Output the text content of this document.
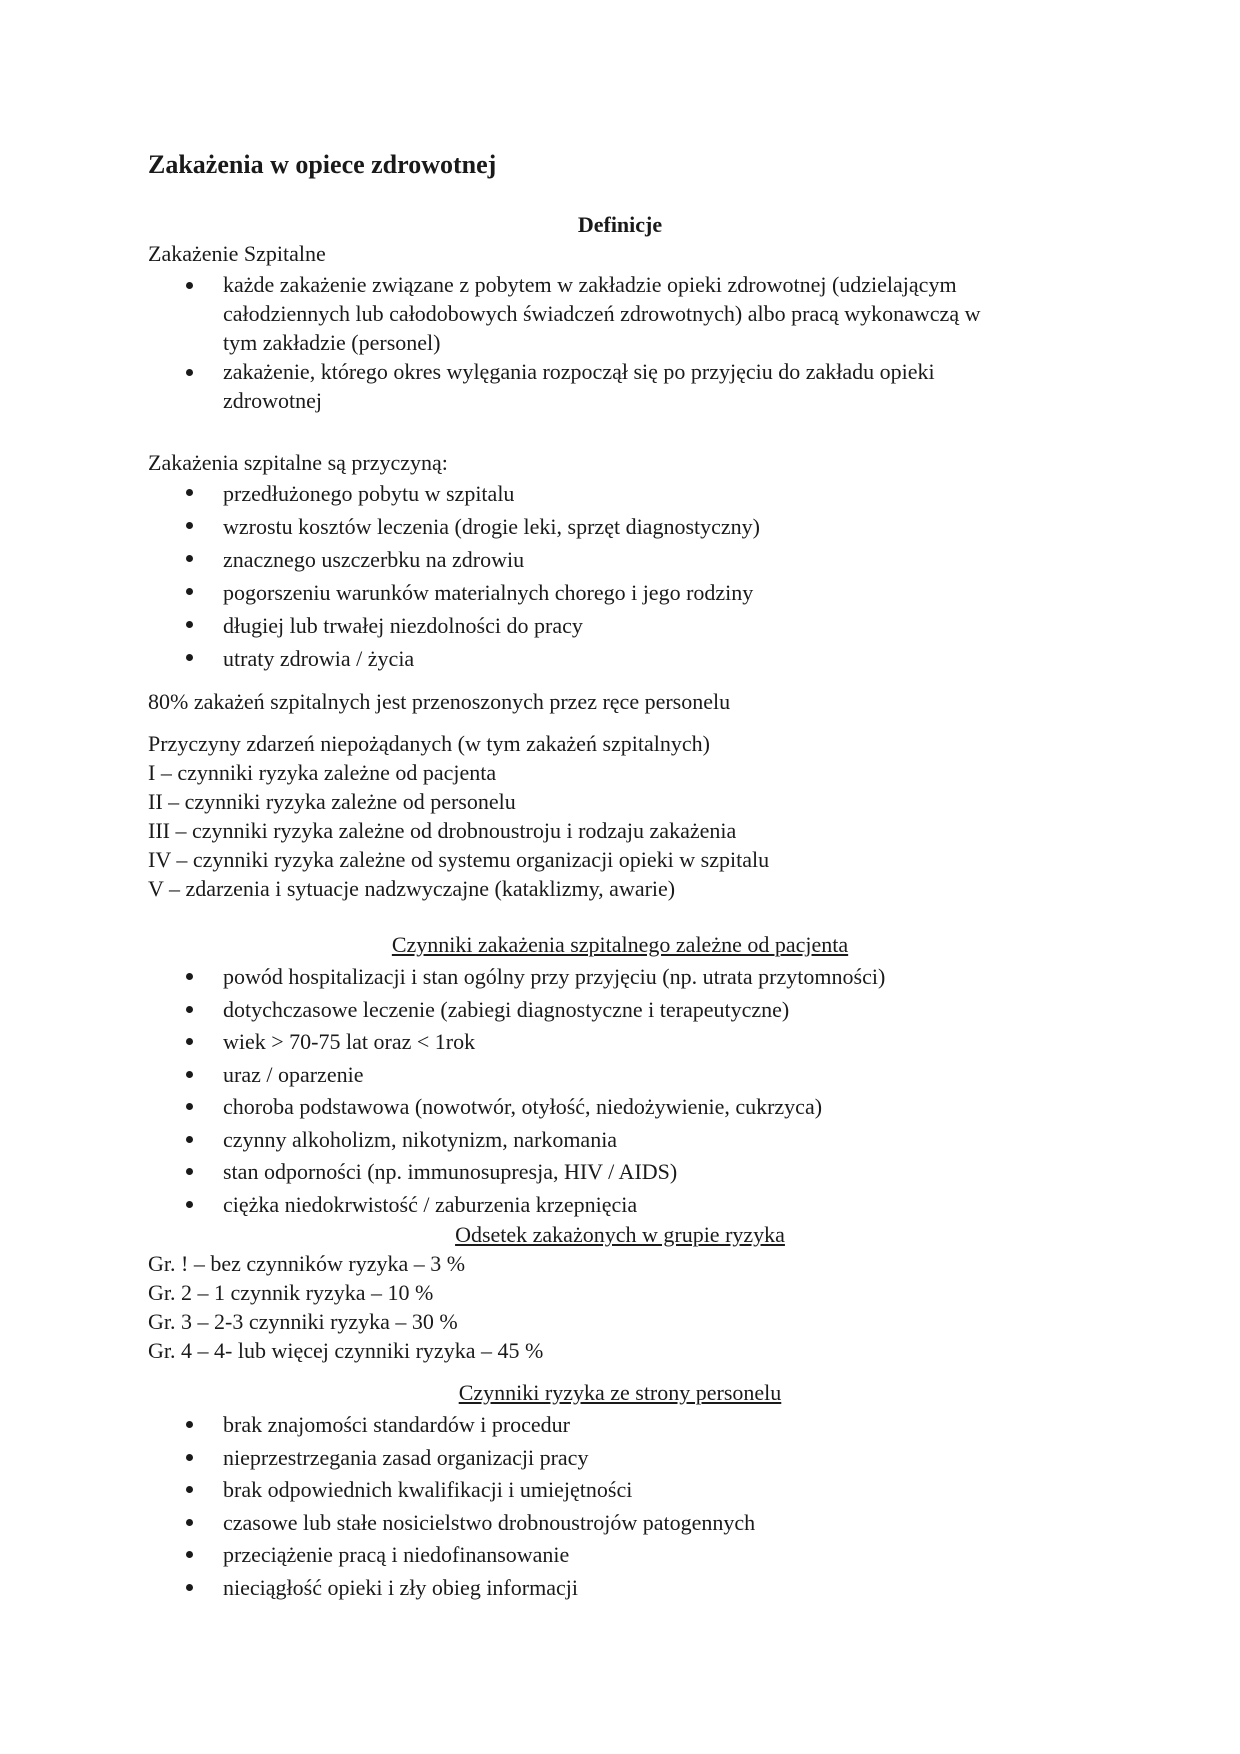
Zakażenia w opiece zdrowotnej
Definicje
Zakażenie Szpitalne
każde zakażenie związane z pobytem w zakładzie opieki zdrowotnej (udzielającym
całodziennych lub całodobowych świadczeń zdrowotnych) albo pracą wykonawczą w
tym zakładzie (personel)
zakażenie, którego okres wylęgania rozpoczął się po przyjęciu do zakładu opieki
zdrowotnej
Zakażenia szpitalne są przyczyną:
przedłużonego pobytu w szpitalu
wzrostu kosztów leczenia (drogie leki, sprzęt diagnostyczny)
znacznego uszczerbku na zdrowiu
pogorszeniu warunków materialnych chorego i jego rodziny
długiej lub trwałej niezdolności do pracy
utraty zdrowia / życia
80% zakażeń szpitalnych jest przenoszonych przez ręce personelu
Przyczyny zdarzeń niepożądanych (w tym zakażeń szpitalnych)
I – czynniki ryzyka zależne od pacjenta
II – czynniki ryzyka zależne od personelu
III – czynniki ryzyka zależne od drobnoustroju i rodzaju zakażenia
IV – czynniki ryzyka zależne od systemu organizacji opieki w szpitalu
V – zdarzenia i sytuacje nadzwyczajne (kataklizmy, awarie)
Czynniki zakażenia szpitalnego zależne od pacjenta
powód hospitalizacji i stan ogólny przy przyjęciu (np. utrata przytomności)
dotychczasowe leczenie (zabiegi diagnostyczne i terapeutyczne)
wiek > 70-75 lat oraz < 1rok
uraz / oparzenie
choroba podstawowa (nowotwór, otyłość, niedożywienie, cukrzyca)
czynny alkoholizm, nikotynizm, narkomania
stan odporności (np. immunosupresja, HIV / AIDS)
ciężka niedokrwistość / zaburzenia krzepnięcia
Odsetek zakażonych w grupie ryzyka
Gr. ! – bez czynników ryzyka – 3 %
Gr. 2 – 1 czynnik ryzyka – 10 %
Gr. 3 – 2-3 czynniki ryzyka – 30 %
Gr. 4 – 4- lub więcej czynniki ryzyka – 45 %
Czynniki ryzyka ze strony personelu
brak znajomości standardów i procedur
nieprzestrzegania zasad organizacji pracy
brak odpowiednich kwalifikacji i umiejętności
czasowe lub stałe nosicielstwo drobnoustrojów patogennych
przeciążenie pracą i niedofinansowanie
nieciągłość opieki i zły obieg informacji
